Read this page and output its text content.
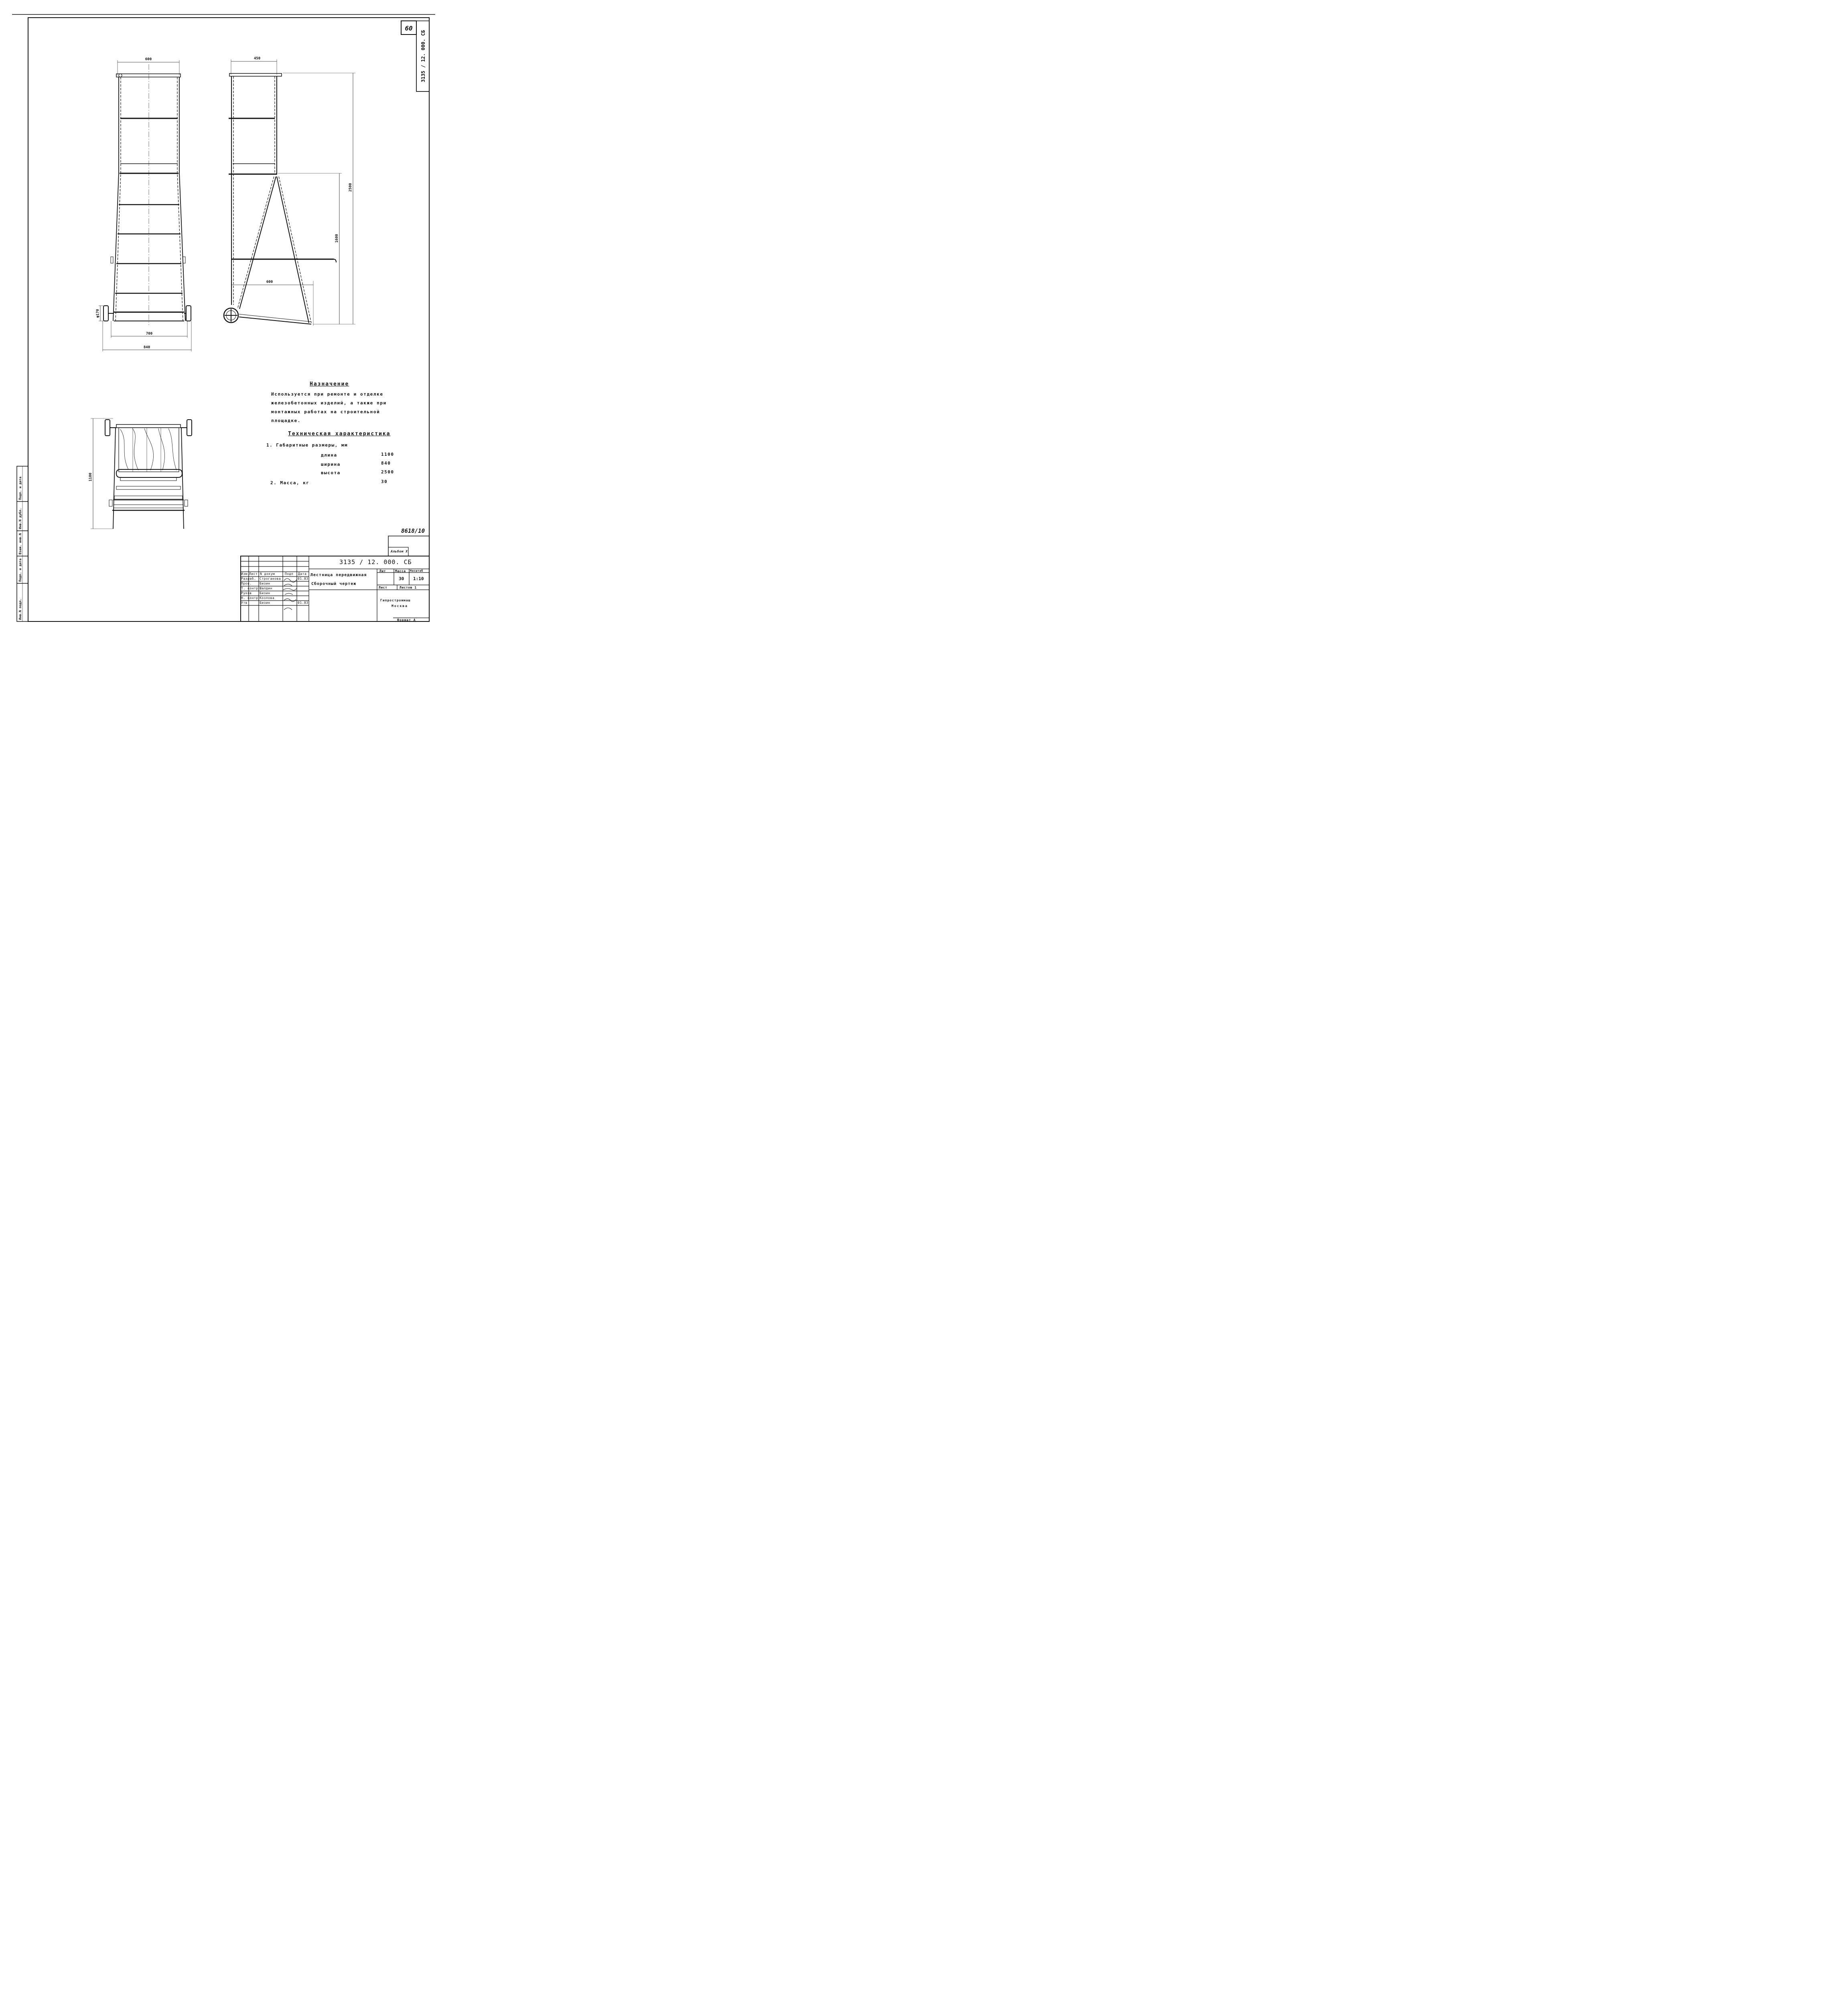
60
3135 / 12. 000. СБ
600
φ170
700
840
450
2500
1600
600
1100
Инв.N подл.
Подп. и дата
Взам. инв.N
Инв.N дубл.
Подп. и дата
Назначение
Используется при ремонте и отделке
железобетонных изделий, а также при
монтажных работах на строительной
площадке.
Техническая характеристика
1. Габаритные размеры, мм
длина	1100
ширина	840
высота	2500
2. Масса, кг	30
8618/10
Альбом X
3135 / 12. 000. СБ
Изм.
Лист N докум	Подп Дата
Разраб. Строганова	01.83
Пров. Бизин
Т. контр Шалдин
Руков Бизин
Н. контр Козлова
Утв	Бизин	01.83
Лестница передвижная
Сборочный чертеж
Лит	Масса Масштаб
30 1:10
Лист	Листов 1
Гипростроммаш
Москва
Формат А
